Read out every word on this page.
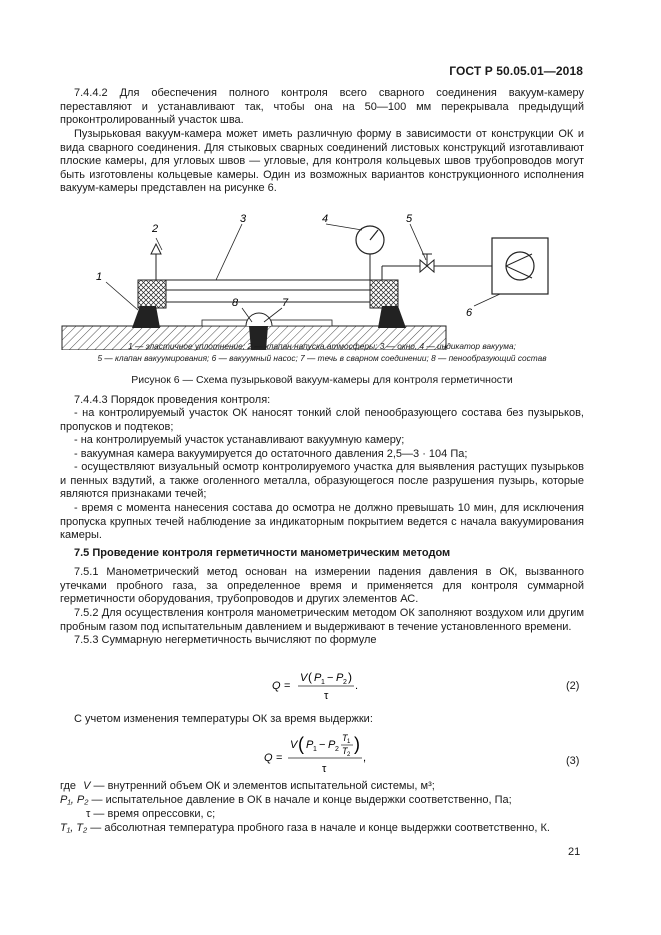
ГОСТ Р 50.05.01—2018
7.4.4.2 Для обеспечения полного контроля всего сварного соединения вакуум-камеру переставляют и устанавливают так, чтобы она на 50—100 мм перекрывала предыдущий проконтролированный участок шва.
Пузырьковая вакуум-камера может иметь различную форму в зависимости от конструкции ОК и вида сварного соединения. Для стыковых сварных соединений листовых конструкций изготавливают плоские камеры, для угловых швов — угловые, для контроля кольцевых швов трубопроводов могут быть изготовлены кольцевые камеры. Один из возможных вариантов конструкционного исполнения вакуум-камеры представлен на рисунке 6.
1
2
3	4	5
6
7
8
1 — эластичное уплотнение; 2 — клапан напуска атмосферы; 3 — окно, 4 — индикатор вакуума;
5 — клапан вакуумирования; 6 — вакуумный насос; 7 — течь в сварном соединении; 8 — пенообразующий состав
Рисунок 6 — Схема пузырьковой вакуум-камеры для контроля герметичности
7.4.4.3 Порядок проведения контроля:
- на контролируемый участок ОК наносят тонкий слой пенообразующего состава без пузырьков, пропусков и подтеков;
- на контролируемый участок устанавливают вакуумную камеру;
- вакуумная камера вакуумируется до остаточного давления 2,5—3 · 104 Па;
- осуществляют визуальный осмотр контролируемого участка для выявления растущих пузырьков и пенных вздутий, а также оголенного металла, образующегося после разрушения пузырь, которые являются признаками течей;
- время с момента нанесения состава до осмотра не должно превышать 10 мин, для исключения пропуска крупных течей наблюдение за индикаторным покрытием ведется с начала вакуумирования камеры.
7.5 Проведение контроля герметичности манометрическим методом
7.5.1 Манометрический метод основан на измерении падения давления в ОК, вызванного утечками пробного газа, за определенное время и применяется для контроля суммарной герметичности оборудования, трубопроводов и других элементов АС.
7.5.2 Для осуществления контроля манометрическим методом ОК заполняют воздухом или другим пробным газом под испытательным давлением и выдерживают в течение установленного времени.
7.5.3 Суммарную негерметичность вычисляют по формуле
Q =
V ( P 1 − P 2 )
τ
.	(2)
С учетом изменения температуры ОК за время выдержки:
Q =
V ( P 1 − P 2
T 1
T 2
)
τ
,	(3)
где V — внутренний объем ОК и элементов испытательной системы, м³;
P₁, P₂ — испытательное давление в ОК в начале и конце выдержки соответственно, Па;
τ — время опрессовки, с;
T₁, T₂ — абсолютная температура пробного газа в начале и конце выдержки соответственно, К.
21
